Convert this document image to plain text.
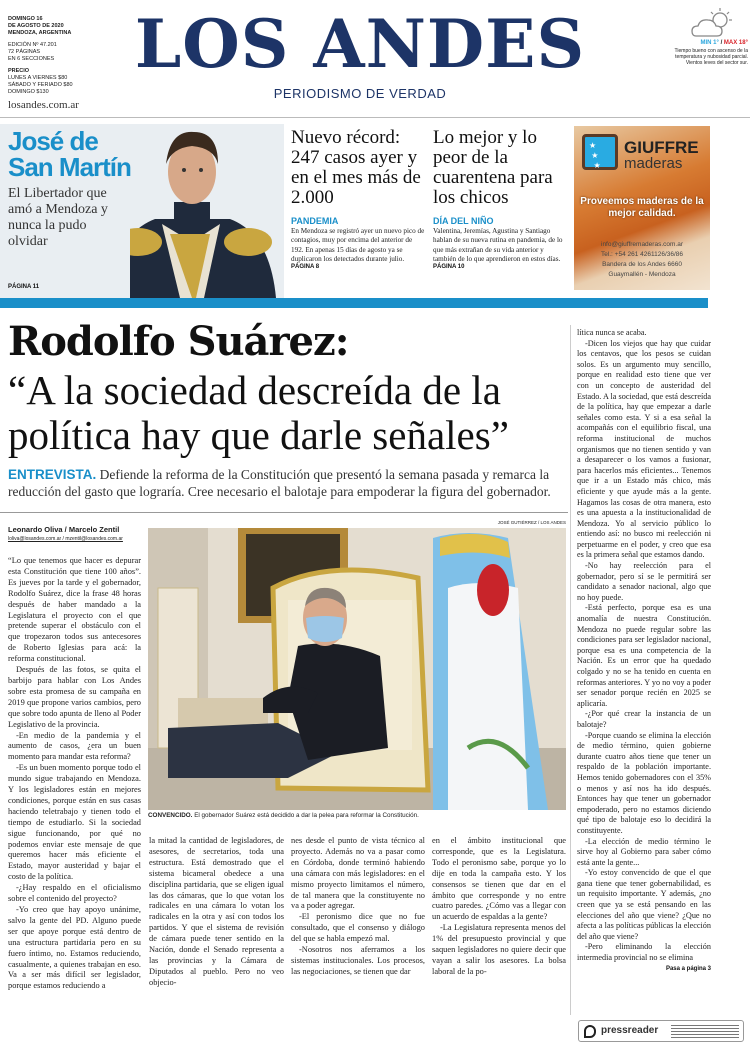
DOMINGO 16
DE AGOSTO DE 2020
MENDOZA, ARGENTINA
EDICIÓN Nº 47.201
72 PÁGINAS
EN 6 SECCIONES
PRECIO
LUNES A VIERNES $80
SÁBADO Y FERIADO $80
DOMINGO $130
losandes.com.ar
LOS ANDES
PERIODISMO DE VERDAD
MIN 1° / MAX 18°
Tiempo bueno con ascenso de la temperatura y nubosidad parcial. Vientos leves del sector sur.
José de San Martín

El Libertador que amó a Mendoza y nunca la pudo olvidar

PÁGINA 11
Nuevo récord: 247 casos ayer y en el mes más de 2.000
PANDEMIA

En Mendoza se registró ayer un nuevo pico de contagios, muy por encima del anterior de 192. En apenas 15 días de agosto ya se duplicaron los detectados durante julio.

PÁGINA 8
Lo mejor y lo peor de la cuarentena para los chicos
DÍA DEL NIÑO

Valentina, Jeremías, Agustina y Santiago hablan de su nueva rutina en pandemia, de lo que más extrañan de su vida anterior y también de lo que aprendieron en estos días.

PÁGINA 10
★
★
★
GIUFFRE
maderas
Proveemos maderas de la mejor calidad.
info@giuffremaderas.com.ar
Tel.: +54 261 4261126/36/86
Bandera de los Andes 6660
Guaymallén - Mendoza
Rodolfo Suárez:
“A la sociedad descreída de la política hay que darle señales”
ENTREVISTA. Defiende la reforma de la Constitución que presentó la semana pasada y remarca la reducción del gasto que lograría. Cree necesario el balotaje para empoderar la figura del gobernador.
Leonardo Oliva / Marcelo Zentil
loliva@losandes.com.ar / mzentil@losandes.com.ar

“Lo que tenemos que hacer es depurar esta Constitución que tiene 100 años”. Es jueves por la tarde y el gobernador, Rodolfo Suárez, dice la frase 48 horas después de haber mandado a la Legislatura el proyecto con el que pretende superar el obstáculo con el que tropezaron todos sus antecesores de Roberto Iglesias para acá: la reforma constitucional.

Después de las fotos, se quita el barbijo para hablar con Los Andes sobre esta promesa de su campaña en 2019 que propone varios cambios, pero que sobre todo apunta de lleno al Poder Legislativo de la provincia.

-En medio de la pandemia y el aumento de casos, ¿era un buen momento para mandar esta reforma?

-Es un buen momento porque todo el mundo sigue trabajando en Mendoza. Y los legisladores están en mejores condiciones, porque están en sus casas haciendo teletrabajo y tienen todo el tiempo de estudiarlo. Si la sociedad sigue funcionando, por qué no podemos enviar este mensaje de que queremos hacer más eficiente el Estado, mayor austeridad y bajar el costo de la política.

-¿Hay respaldo en el oficialismo sobre el contenido del proyecto?

-Yo creo que hay apoyo unánime, salvo la gente del PD. Alguno puede ser que apoye porque está dentro de una estructura partidaria pero en su fuero íntimo, no. Estamos reduciendo, casualmente, a quienes trabajan en eso. Va a ser más difícil ser legislador, porque estamos reduciendo a

JOSÉ GUTIÉRREZ / LOS ANDES
CONVENCIDO. El gobernador Suárez está decidido a dar la pelea para reformar la Constitución.

la mitad la cantidad de legisladores, de asesores, de secretarios, toda una estructura. Está demostrado que el sistema bicameral obedece a una disciplina partidaria, que se eligen igual las dos cámaras, que lo que votan los radicales en una cámara lo votan los radicales en la otra y así con todos los partidos. Y que el sistema de revisión de cámara puede tener sentido en la Nación, donde el Senado representa a las provincias y la Cámara de Diputados al pueblo. Pero no veo objecio-

nes desde el punto de vista técnico al proyecto. Además no va a pasar como en Córdoba, donde terminó habiendo una cámara con más legisladores: en el mismo proyecto limitamos el número, de tal manera que la constituyente no va a poder agregar.

-El peronismo dice que no fue consultado, que el consenso y diálogo del que se habla empezó mal.

-Nosotros nos aferramos a los sistemas institucionales. Los procesos, las negociaciones, se tienen que dar

en el ámbito institucional que corresponde, que es la Legislatura. Todo el peronismo sabe, porque yo lo dije en toda la campaña esto. Y los consensos se tienen que dar en el ámbito que corresponde y no entre cuatro paredes. ¿Cómo vas a llegar con un acuerdo de espaldas a la gente?

-La Legislatura representa menos del 1% del presupuesto provincial y que saquen legisladores no quiere decir que vayan a salir los asesores. La bolsa laboral de la po-

lítica nunca se acaba.

-Dicen los viejos que hay que cuidar los centavos, que los pesos se cuidan solos. Es un argumento muy sencillo, porque en realidad esto tiene que ver con un concepto de austeridad del Estado. A la sociedad, que está descreída de la política, hay que empezar a darle señales como esta. Y si a esa señal la acompañás con el equilibrio fiscal, una reforma institucional de muchos organismos que no tienen sentido y van a desaparecer o los vamos a fusionar, para hacerlos más eficientes... Tenemos que ir a un Estado más chico, más eficiente y que ayude más a la gente. Hagamos las cosas de otra manera, esto es una apuesta a la institucionalidad de Mendoza. Yo al servicio público lo entiendo así: no busco mi reelección ni perpetuarme en el poder, y creo que esa es la primera señal que estamos dando.

-No hay reelección para el gobernador, pero sí se le permitirá ser candidato a senador nacional, algo que no hoy puede.

-Está perfecto, porque esa es una anomalía de nuestra Constitución. Mendoza no puede regular sobre las condiciones para ser legislador nacional, porque esa es una competencia de la Nación. Es un error que ha quedado colgado y no se ha tenido en cuenta en reformas anteriores. Y yo no voy a poder ser senador porque recién en 2025 se aplicaría.

-¿Por qué crear la instancia de un balotaje?

-Porque cuando se elimina la elección de medio término, quien gobierne durante cuatro años tiene que tener un respaldo de la población importante. Hemos tenido gobernadores con el 35% o menos y así nos ha ido después. Entonces hay que tener un gobernador empoderado, pero no estamos diciendo qué tipo de balotaje eso lo decidirá la constituyente.

-La elección de medio término le sirve hoy al Gobierno para saber cómo está ante la gente...

-Yo estoy convencido de que el que gana tiene que tener gobernabilidad, es un requisito importante. Y además, ¿no creen que ya se está pensando en las elecciones del año que viene? ¿Que no afecta a las políticas públicas la elección del año que viene?

-Pero eliminando la elección intermedia provincial no se elimina

Pasa a página 3
pressreader
